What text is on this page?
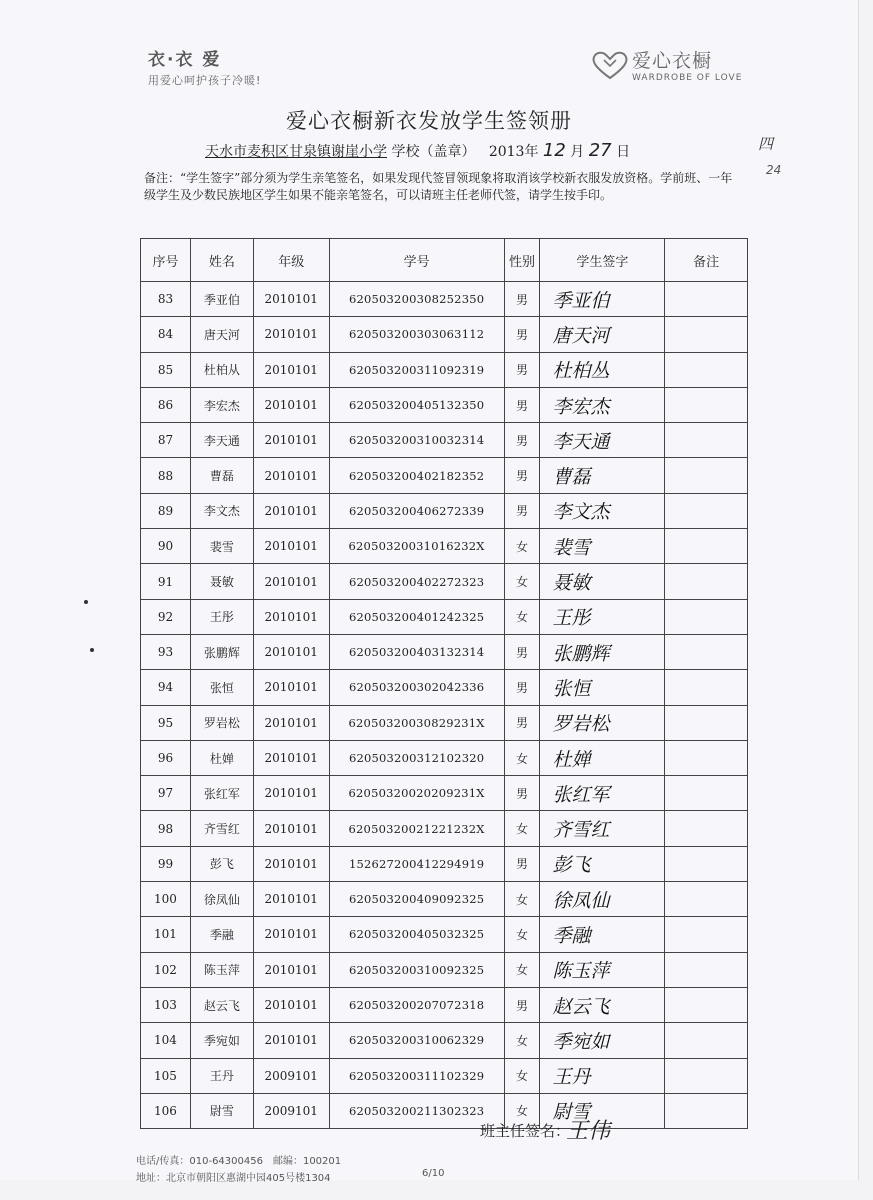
衣·衣 爱
用爱心呵护孩子冷暖!
爱心衣橱
WARDROBE OF LOVE
爱心衣橱新衣发放学生签领册
天水市麦积区甘泉镇谢崖小学 学校（盖章） 2013年 12 月 27 日	四
24
备注：“学生签字”部分须为学生亲笔签名，如果发现代签冒领现象将取消该学校新衣服发放资格。学前班、一年级学生及少数民族地区学生如果不能亲笔签名，可以请班主任老师代签，请学生按手印。
序号	姓名	年级	学号	性别	学生签字	备注
83	季亚伯	2010101	620503200308252350	男	季亚伯	
84	唐天河	2010101	620503200303063112	男	唐天河	
85	杜柏从	2010101	620503200311092319	男	杜柏丛	
86	李宏杰	2010101	620503200405132350	男	李宏杰	
87	李天通	2010101	620503200310032314	男	李天通	
88	曹磊	2010101	620503200402182352	男	曹磊	
89	李文杰	2010101	620503200406272339	男	李文杰	
90	裴雪	2010101	62050320031016232X	女	裴雪	
91	聂敏	2010101	620503200402272323	女	聂敏	
92	王彤	2010101	620503200401242325	女	王彤	
93	张鹏辉	2010101	620503200403132314	男	张鹏辉	
94	张恒	2010101	620503200302042336	男	张恒	
95	罗岩松	2010101	62050320030829231X	男	罗岩松	
96	杜婵	2010101	620503200312102320	女	杜婵	
97	张红军	2010101	62050320020209231X	男	张红军	
98	齐雪红	2010101	62050320021221232X	女	齐雪红	
99	彭飞	2010101	152627200412294919	男	彭飞	
100	徐凤仙	2010101	620503200409092325	女	徐凤仙	
101	季融	2010101	620503200405032325	女	季融	
102	陈玉萍	2010101	620503200310092325	女	陈玉萍	
103	赵云飞	2010101	620503200207072318	男	赵云飞	
104	季宛如	2010101	620503200310062329	女	季宛如	
105	王丹	2009101	620503200311102329	女	王丹	
106	尉雪	2009101	620503200211302323	女	尉雪	
班主任签名：
王伟
电话/传真：010-64300456　邮编：100201
地址：北京市朝阳区惠湖中园405号楼1304	6/10
